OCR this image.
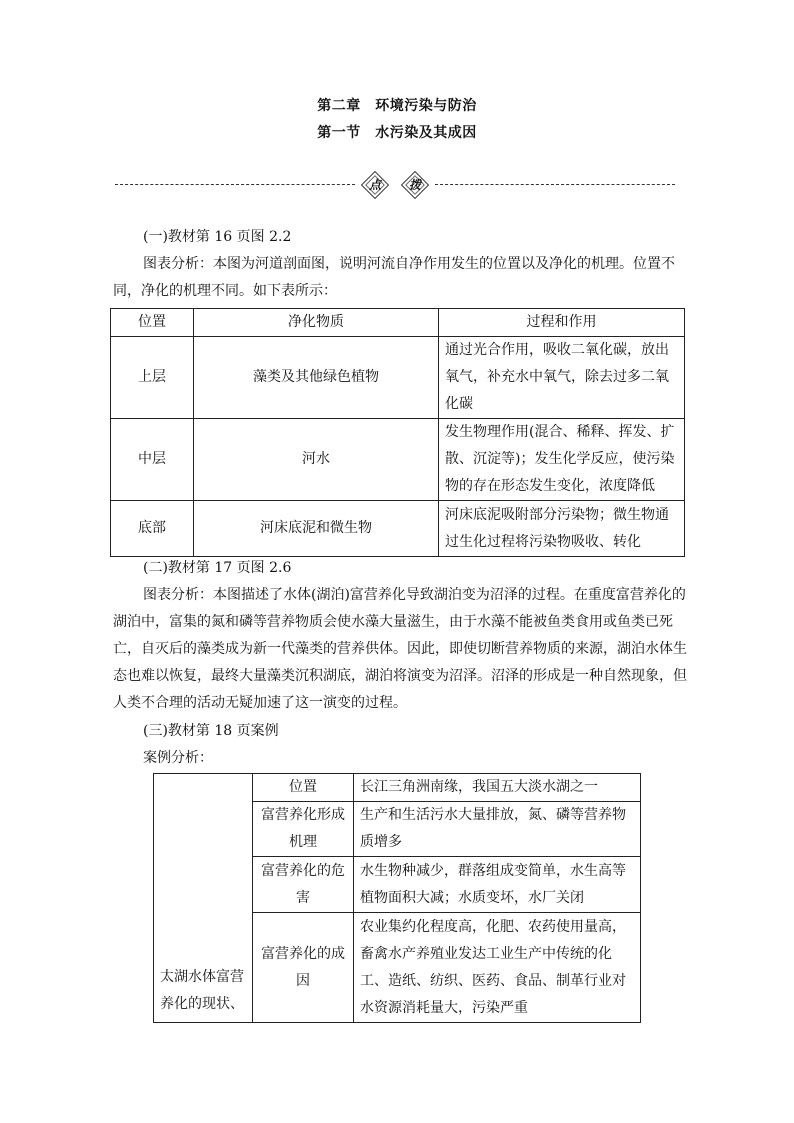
第二章　环境污染与防治
第一节　水污染及其成因
点	拨
(一)教材第 16 页图 2.2
图表分析：本图为河道剖面图，说明河流自净作用发生的位置以及净化的机理。位置不同，净化的机理不同。如下表所示：
位置	净化物质	过程和作用
上层	藻类及其他绿色植物	通过光合作用，吸收二氧化碳，放出氧气，补充水中氧气，除去过多二氧化碳
中层	河水	发生物理作用(混合、稀释、挥发、扩散、沉淀等)；发生化学反应，使污染物的存在形态发生变化，浓度降低
底部	河床底泥和微生物	河床底泥吸附部分污染物；微生物通过生化过程将污染物吸收、转化
(二)教材第 17 页图 2.6
图表分析：本图描述了水体(湖泊)富营养化导致湖泊变为沼泽的过程。在重度富营养化的湖泊中，富集的氮和磷等营养物质会使水藻大量滋生，由于水藻不能被鱼类食用或鱼类已死亡，自灭后的藻类成为新一代藻类的营养供体。因此，即使切断营养物质的来源，湖泊水体生态也难以恢复，最终大量藻类沉积湖底，湖泊将演变为沼泽。沼泽的形成是一种自然现象，但人类不合理的活动无疑加速了这一演变的过程。
(三)教材第 18 页案例
案例分析：
太湖水体富营养化的现状、	位置	长江三角洲南缘，我国五大淡水湖之一
	富营养化形成机理	生产和生活污水大量排放，氮、磷等营养物质增多
	富营养化的危害	水生物种减少，群落组成变简单，水生高等植物面积大减；水质变坏，水厂关闭
	富营养化的成因	农业集约化程度高，化肥、农药使用量高，畜禽水产养殖业发达工业生产中传统的化工、造纸、纺织、医药、食品、制革行业对水资源消耗量大，污染严重
